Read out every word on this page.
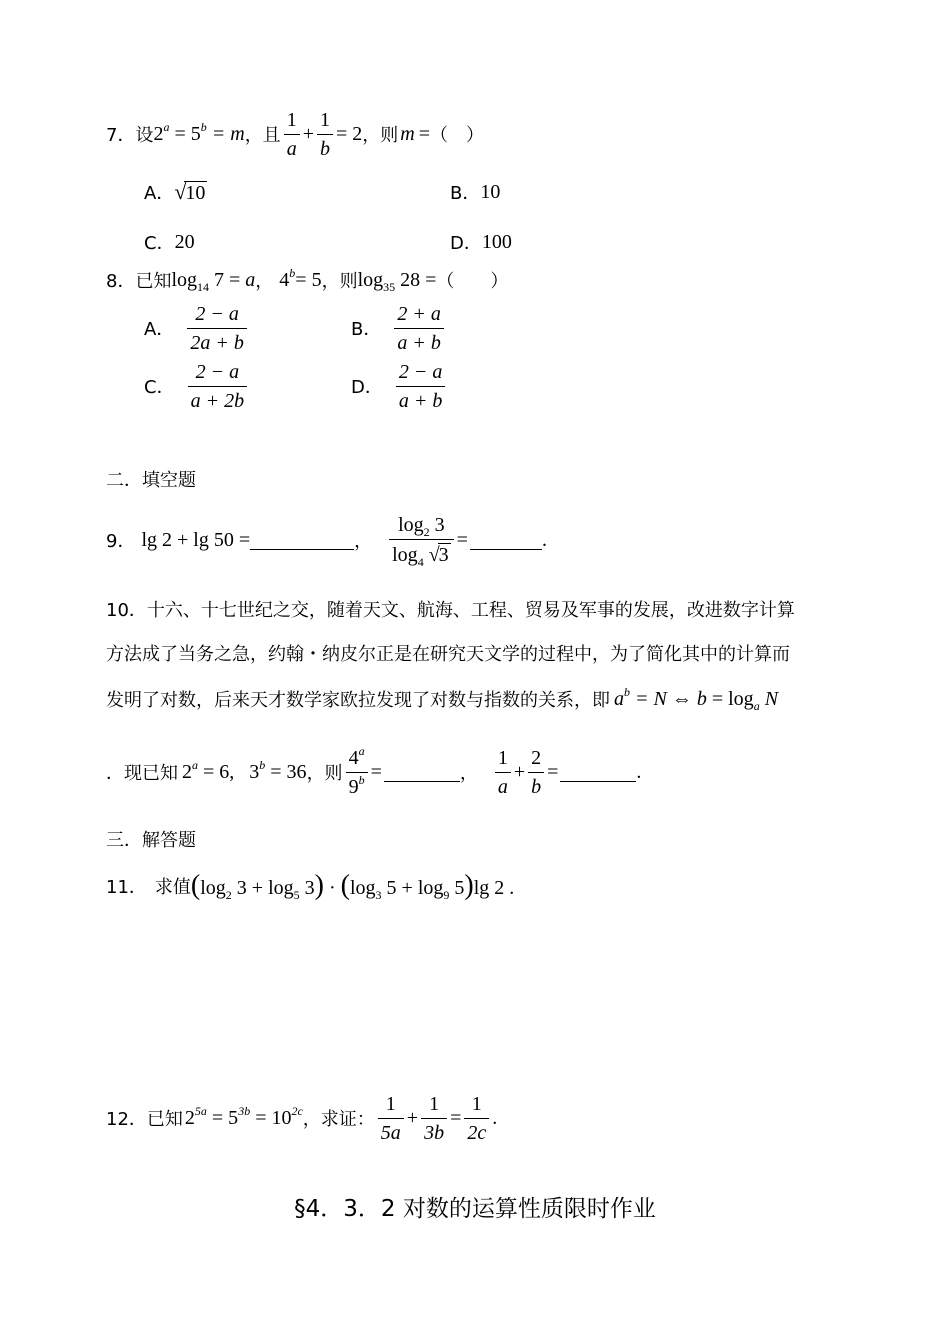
7． 设 $2^a = 5^b = m$ ，且 $\frac{1}{a} + \frac{1}{b} = 2$ ，则 m = （　）
A． √ 10	B． 10
C． 20	D． 100
8． 已知 $\log_{14} 7 = a$ ， $4^b= 5$ ，则 $\log_{35} 28$ = （　　）
A． $\frac{2 - a}{2a + b}$	B． $\frac{2 + a}{a + b}$
C． $\frac{2 - a}{a + 2b}$	D． $\frac{2 - a}{a + b}$
二．填空题
9． lg 2 + lg 50 =	， $\frac{\log_2 3}{\log_4 √3}$ =	.
10．十六、十七世纪之交，随着天文、航海、工程、贸易及军事的发展，改进数字计算
方法成了当务之急，约翰・纳皮尔正是在研究天文学的过程中，为了简化其中的计算而
发明了对数，后来天才数学家欧拉发现了对数与指数的关系，即 $a^b = N$ ⇔ $b = \log_a N$
．现已知 $2^a = 6$, $3^b = 36$ ，则 $\frac{4^a}{9^b}$ =	， $\frac{1}{a} + \frac{2}{b}$ =	.
三．解答题
11． 求值 ($\log_2$ $3 + \log_5 3) \cdot (\log_3$ $5 + \log_9 5)\lg$ 2 .
12． 已知 $2^{5a} = 5^{3b} = 10^{2c}$ ，求证： $\frac{1}{5a} + \frac{1}{3b} = \frac{1}{2c}$ .
§4．3．2 对数的运算性质限时作业
